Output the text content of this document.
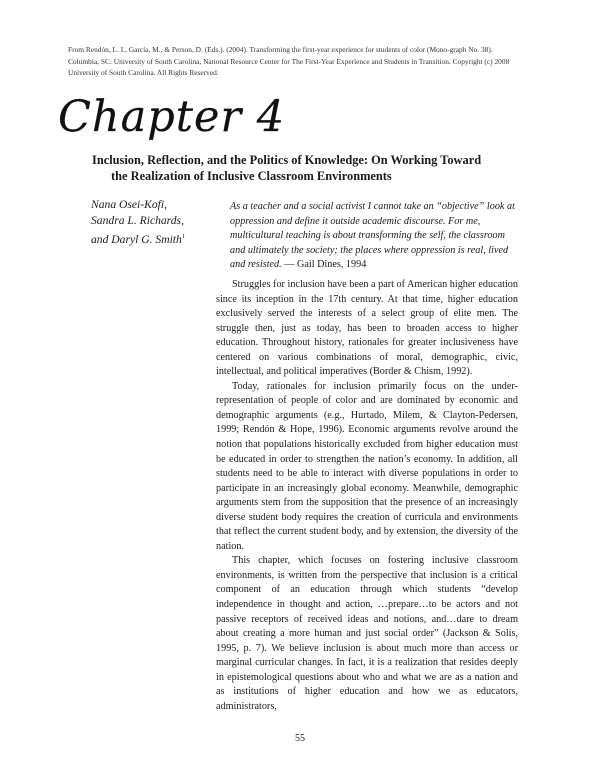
From Rendón, L. I., García, M., & Person, D. (Eds.). (2004). Transforming the first-year experience for students of color (Mono-graph No. 38).

Columbia, SC: University of South Carolina, National Resource Center for The First-Year Experience and Students in Transition. Copyright (c) 2008

University of South Carolina. All Rights Reserved.

Chapter 4
Inclusion, Reflection, and the Politics of Knowledge: On Working Toward
the Realization of Inclusive Classroom Environments
Nana Osei-Kofi,
Sandra L. Richards,
and Daryl G. Smith$^1$
As a teacher and a social activist I cannot take an “objective” look at oppression and define it outside academic discourse. For me, multicultural teaching is about transforming the self, the classroom and ultimately the society; the places where oppression is real, lived and resisted. — Gail Dines, 1994

Struggles for inclusion have been a part of American higher education since its inception in the 17th century. At that time, higher education exclusively served the interests of a select group of elite men. The struggle then, just as today, has been to broaden access to higher education. Throughout history, rationales for greater inclusiveness have centered on various combinations of moral, demographic, civic, intellectual, and political imperatives (Border & Chism, 1992).

Today, rationales for inclusion primarily focus on the under-representation of people of color and are dominated by economic and demographic arguments (e.g., Hurtado, Milem, & Clayton-Pedersen, 1999; Rendón & Hope, 1996). Economic arguments revolve around the notion that populations historically excluded from higher education must be educated in order to strengthen the nation’s economy. In addition, all students need to be able to interact with diverse populations in order to participate in an increasingly global economy. Meanwhile, demographic arguments stem from the supposition that the presence of an increasingly diverse student body requires the creation of curricula and environments that reflect the current student body, and by extension, the diversity of the nation.

This chapter, which focuses on fostering inclusive classroom environments, is written from the perspective that inclusion is a critical component of an education through which students “develop independence in thought and action, …prepare…to be actors and not passive receptors of received ideas and notions, and…dare to dream about creating a more human and just social order” (Jackson & Solís, 1995, p. 7). We believe inclusion is about much more than access or marginal curricular changes. In fact, it is a realization that resides deeply in epistemological questions about who and what we are as a nation and as institutions of higher education and how we as educators, administrators,

55
